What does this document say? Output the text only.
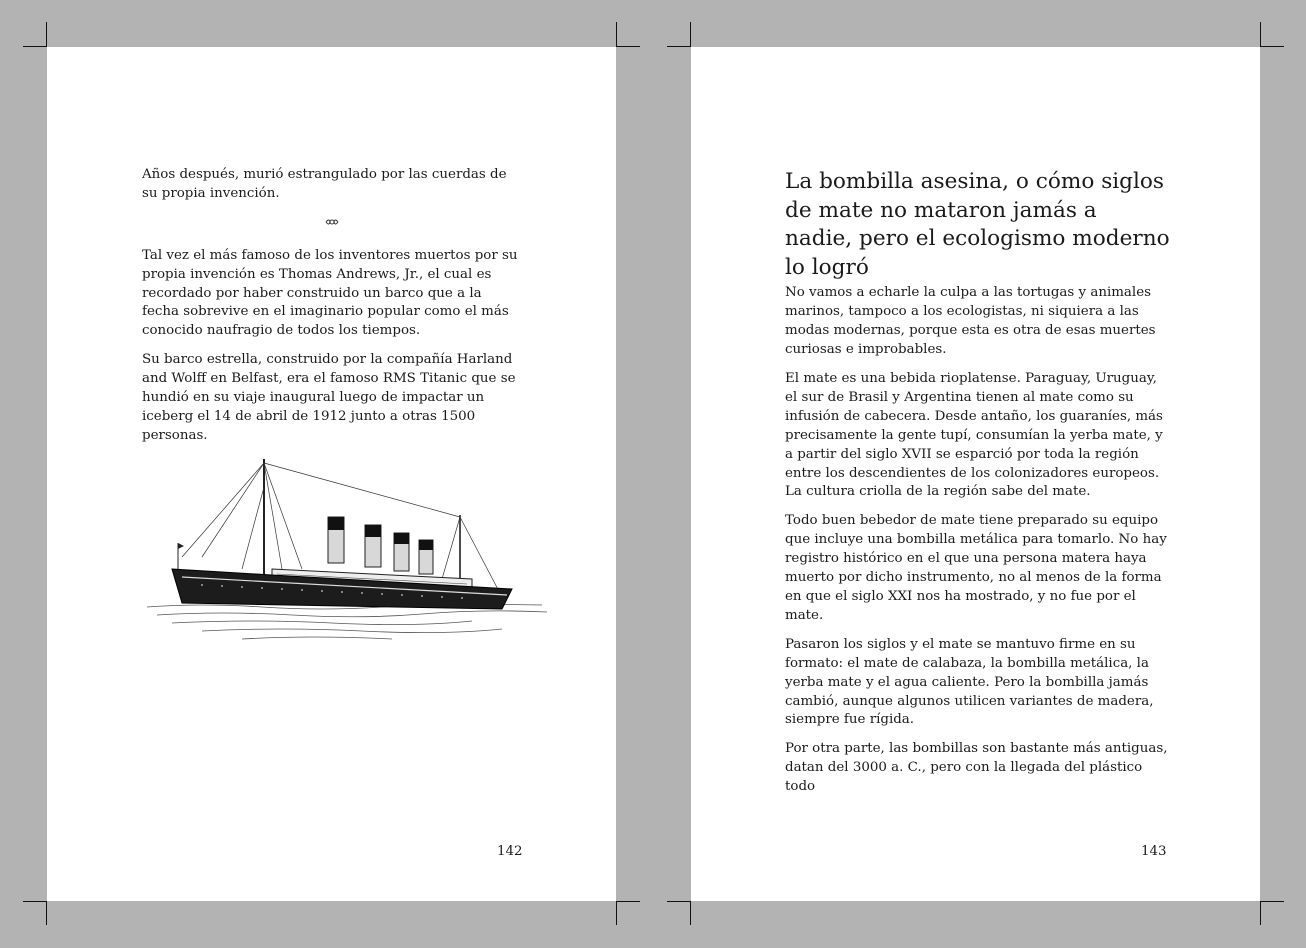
Años después, murió estrangulado por las cuerdas de su propia invención.

Tal vez el más famoso de los inventores muertos por su propia invención es Thomas Andrews, Jr., el cual es recordado por haber construido un barco que a la fecha sobrevive en el imaginario popular como el más conocido naufragio de todos los tiempos.

Su barco estrella, construido por la compañía Harland and Wolff en Belfast, era el famoso RMS Titanic que se hundió en su viaje inaugural luego de impactar un iceberg el 14 de abril de 1912 junto a otras 1500 personas.

142
La bombilla asesina, o cómo siglos de mate no mataron jamás a nadie, pero el ecologismo moderno lo logró

No vamos a echarle la culpa a las tortugas y animales marinos, tampoco a los ecologistas, ni siquiera a las modas modernas, porque esta es otra de esas muertes curiosas e improbables.

El mate es una bebida rioplatense. Paraguay, Uruguay, el sur de Brasil y Argentina tienen al mate como su infusión de cabecera. Desde antaño, los guaraníes, más precisamente la gente tupí, consumían la yerba mate, y a partir del siglo XVII se esparció por toda la región entre los descendientes de los colonizadores europeos. La cultura criolla de la región sabe del mate.

Todo buen bebedor de mate tiene preparado su equipo que incluye una bombilla metálica para tomarlo. No hay registro histórico en el que una persona matera haya muerto por dicho instrumento, no al menos de la forma en que el siglo XXI nos ha mostrado, y no fue por el mate.

Pasaron los siglos y el mate se mantuvo firme en su formato: el mate de calabaza, la bombilla metálica, la yerba mate y el agua caliente. Pero la bombilla jamás cambió, aunque algunos utilicen variantes de madera, siempre fue rígida.

Por otra parte, las bombillas son bastante más antiguas, datan del 3000 a. C., pero con la llegada del plástico todo

143
